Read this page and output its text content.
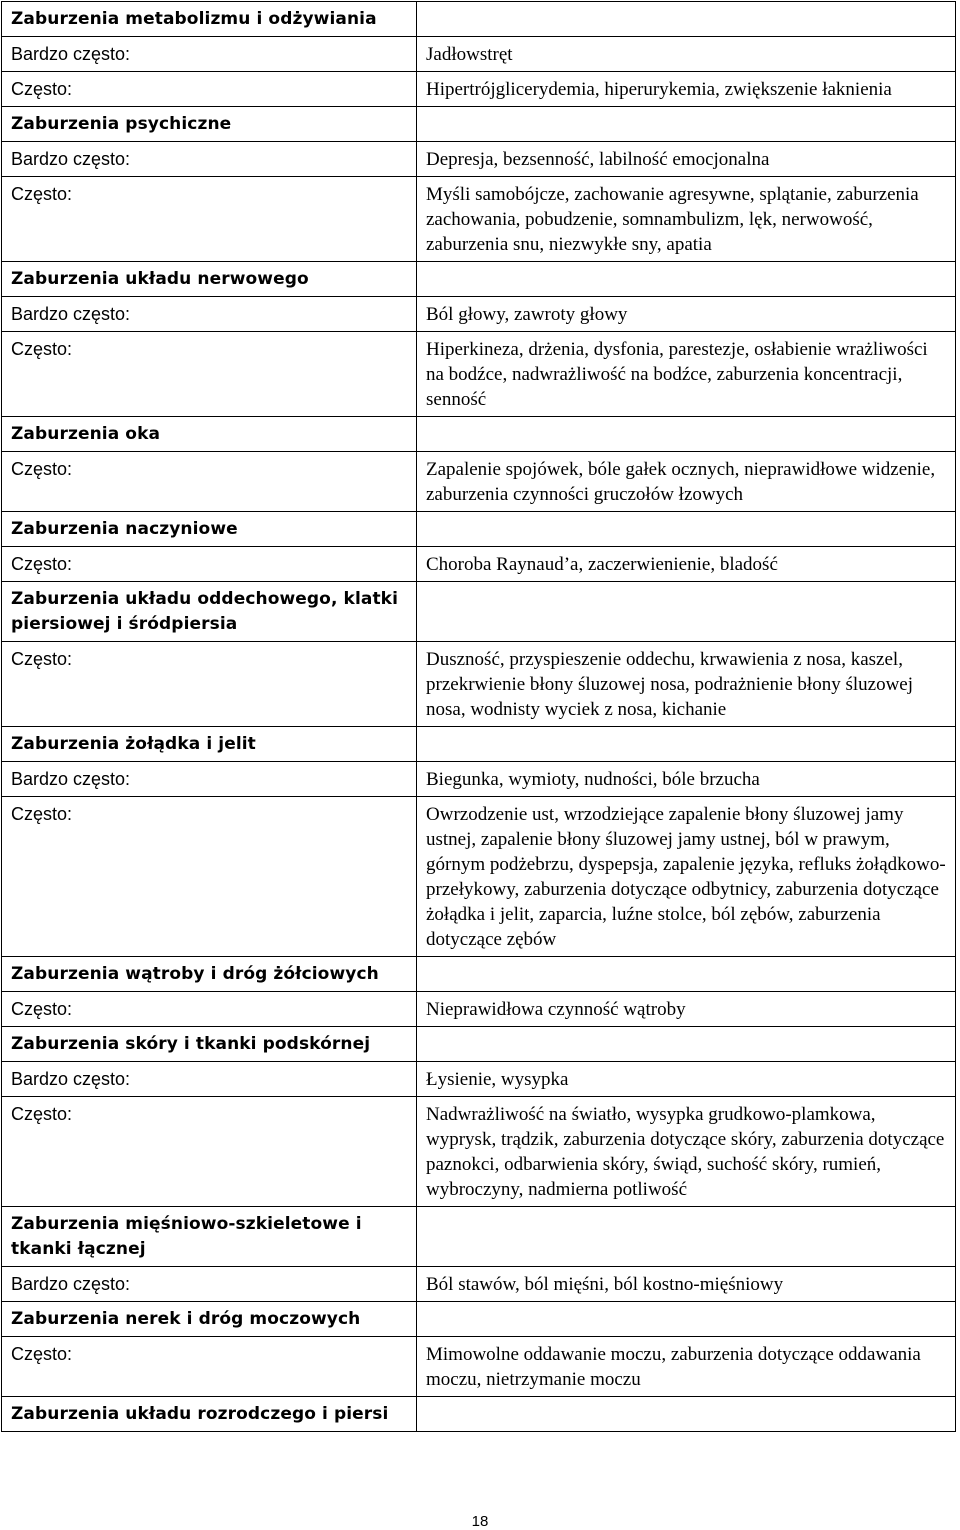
Zaburzenia metabolizmu i odżywiania	
Bardzo często:	Jadłowstręt
Często:	Hipertrójglicerydemia, hiperurykemia, zwiększenie łaknienia
Zaburzenia psychiczne	
Bardzo często:	Depresja, bezsenność, labilność emocjonalna
Często:	Myśli samobójcze, zachowanie agresywne, splątanie, zaburzenia zachowania, pobudzenie, somnambulizm, lęk, nerwowość, zaburzenia snu, niezwykłe sny, apatia
Zaburzenia układu nerwowego	
Bardzo często:	Ból głowy, zawroty głowy
Często:	Hiperkineza, drżenia, dysfonia, parestezje, osłabienie wrażliwości na bodźce, nadwrażliwość na bodźce, zaburzenia koncentracji, senność
Zaburzenia oka	
Często:	Zapalenie spojówek, bóle gałek ocznych, nieprawidłowe widzenie, zaburzenia czynności gruczołów łzowych
Zaburzenia naczyniowe	
Często:	Choroba Raynaud’a, zaczerwienienie, bladość
Zaburzenia układu oddechowego, klatki piersiowej i śródpiersia	
Często:	Duszność, przyspieszenie oddechu, krwawienia z nosa, kaszel, przekrwienie błony śluzowej nosa, podrażnienie błony śluzowej nosa, wodnisty wyciek z nosa, kichanie
Zaburzenia żołądka i jelit	
Bardzo często:	Biegunka, wymioty, nudności, bóle brzucha
Często:	Owrzodzenie ust, wrzodziejące zapalenie błony śluzowej jamy ustnej, zapalenie błony śluzowej jamy ustnej, ból w prawym, górnym podżebrzu, dyspepsja, zapalenie języka, refluks żołądkowo-przełykowy, zaburzenia dotyczące odbytnicy, zaburzenia dotyczące żołądka i jelit, zaparcia, luźne stolce, ból zębów, zaburzenia dotyczące zębów
Zaburzenia wątroby i dróg żółciowych	
Często:	Nieprawidłowa czynność wątroby
Zaburzenia skóry i tkanki podskórnej	
Bardzo często:	Łysienie, wysypka
Często:	Nadwrażliwość na światło, wysypka grudkowo-plamkowa, wyprysk, trądzik, zaburzenia dotyczące skóry, zaburzenia dotyczące paznokci, odbarwienia skóry, świąd, suchość skóry, rumień, wybroczyny, nadmierna potliwość
Zaburzenia mięśniowo-szkieletowe i tkanki łącznej	
Bardzo często:	Ból stawów, ból mięśni, ból kostno-mięśniowy
Zaburzenia nerek i dróg moczowych	
Często:	Mimowolne oddawanie moczu, zaburzenia dotyczące oddawania moczu, nietrzymanie moczu
Zaburzenia układu rozrodczego i piersi	
18
